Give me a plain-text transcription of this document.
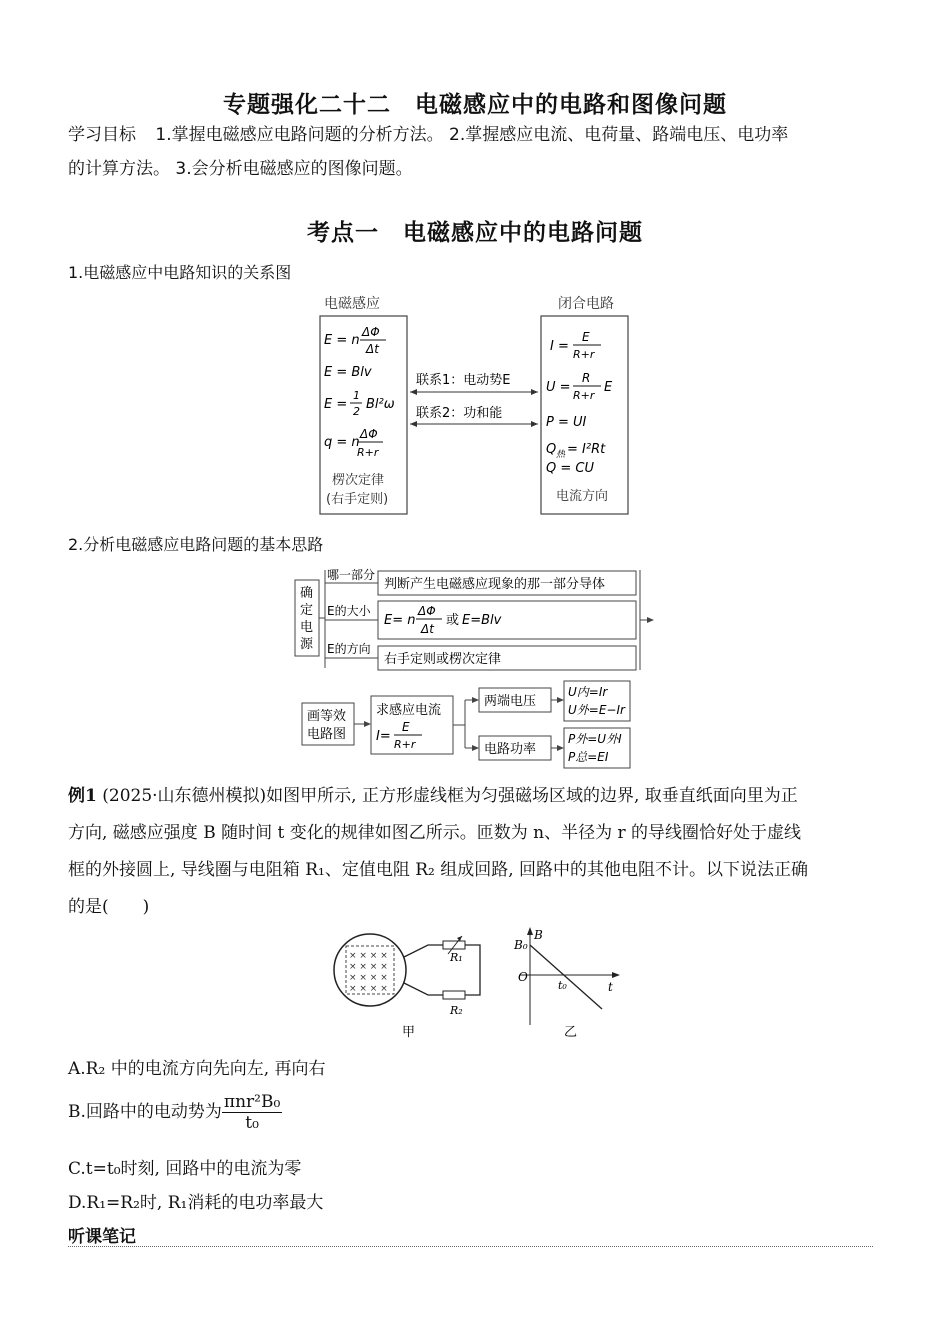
专题强化二十二　电磁感应中的电路和图像问题
学习目标 1.掌握电磁感应电路问题的分析方法。 2.掌握感应电流、电荷量、路端电压、电功率
的计算方法。 3.会分析电磁感应的图像问题。
考点一　电磁感应中的电路问题
1.电磁感应中电路知识的关系图
电磁感应	闭合电路
E = n
ΔΦ
Δt
E = Blv
E =
1
2 Bl²ω
q = n
ΔΦ
R+r
楞次定律
(右手定则)
联系1：电动势E
联系2：功和能
I =
E
R+r
U =
R
R+r
E
P = UI
Q 热 = I²Rt
Q = CU
电流方向
2.分析电磁感应电路问题的基本思路
确
定
电
源
哪一部分
判断产生电磁感应现象的那一部分导体
E的大小
E= n
ΔΦ
Δt
或 E=Blv
E的方向
右手定则或楞次定律
画等效
电路图
求感应电流
I=
E
R+r
两端电压
电路功率
U内=Ir
U外=E−Ir
P外=U外I
P总=EI
例1 (2025·山东德州模拟)如图甲所示, 正方形虚线框为匀强磁场区域的边界, 取垂直纸面向里为正
方向, 磁感应强度 B 随时间 t 变化的规律如图乙所示。匝数为 n、半径为 r 的导线圈恰好处于虚线
框的外接圆上, 导线圈与电阻箱 R₁、定值电阻 R₂ 组成回路, 回路中的其他电阻不计。以下说法正确
的是(　　)
× × × ×
× × × ×
× × × ×
× × × ×
R₁
R₂
甲
B
B₀
O
t₀	t
乙
A.R₂ 中的电流方向先向左, 再向右
B.回路中的电动势为 $\frac{\text{πnr²B₀}}{\text{t₀}}$
C.t=t₀时刻, 回路中的电流为零
D.R₁=R₂时, R₁消耗的电功率最大
听课笔记
